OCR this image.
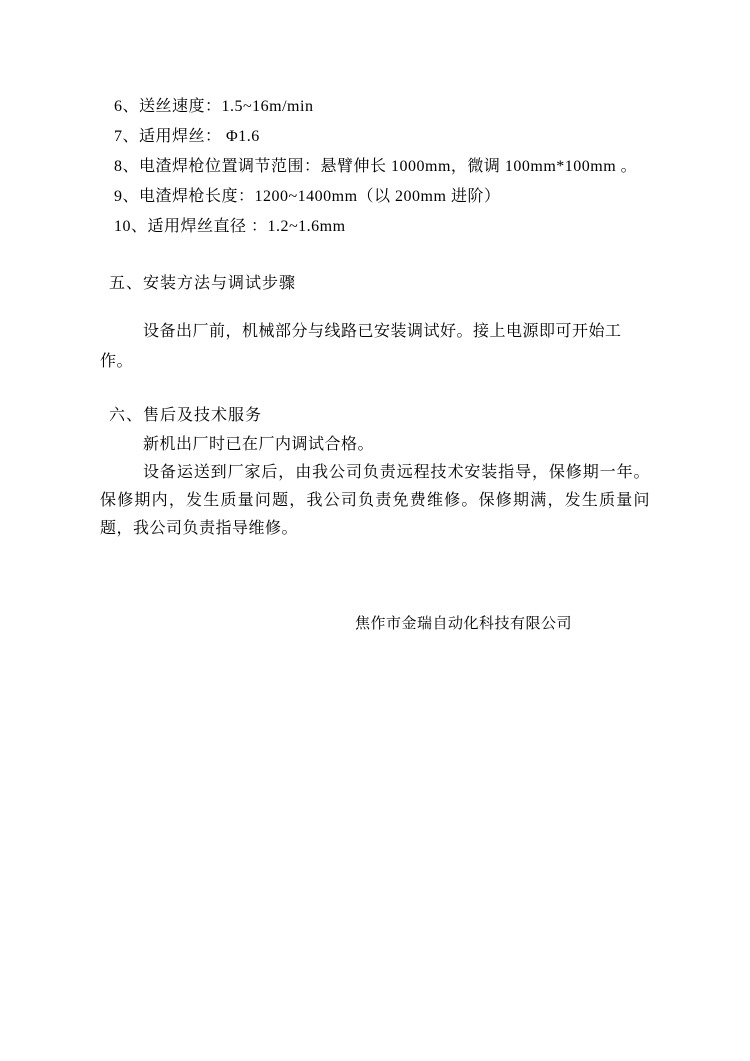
6、送丝速度：1.5~16m/min
7、适用焊丝： Φ1.6
8、电渣焊枪位置调节范围：悬臂伸长 1000mm，微调 100mm*100mm 。
9、电渣焊枪长度：1200~1400mm（以 200mm 进阶）
10、适用焊丝直径 ：1.2~1.6mm
五、安装方法与调试步骤

设备出厂前，机械部分与线路已安装调试好。接上电源即可开始工作。

六、售后及技术服务

新机出厂时已在厂内调试合格。

设备运送到厂家后，由我公司负责远程技术安装指导，保修期一年。保修期内，发生质量问题，我公司负责免费维修。保修期满，发生质量问题，我公司负责指导维修。

焦作市金瑞自动化科技有限公司
